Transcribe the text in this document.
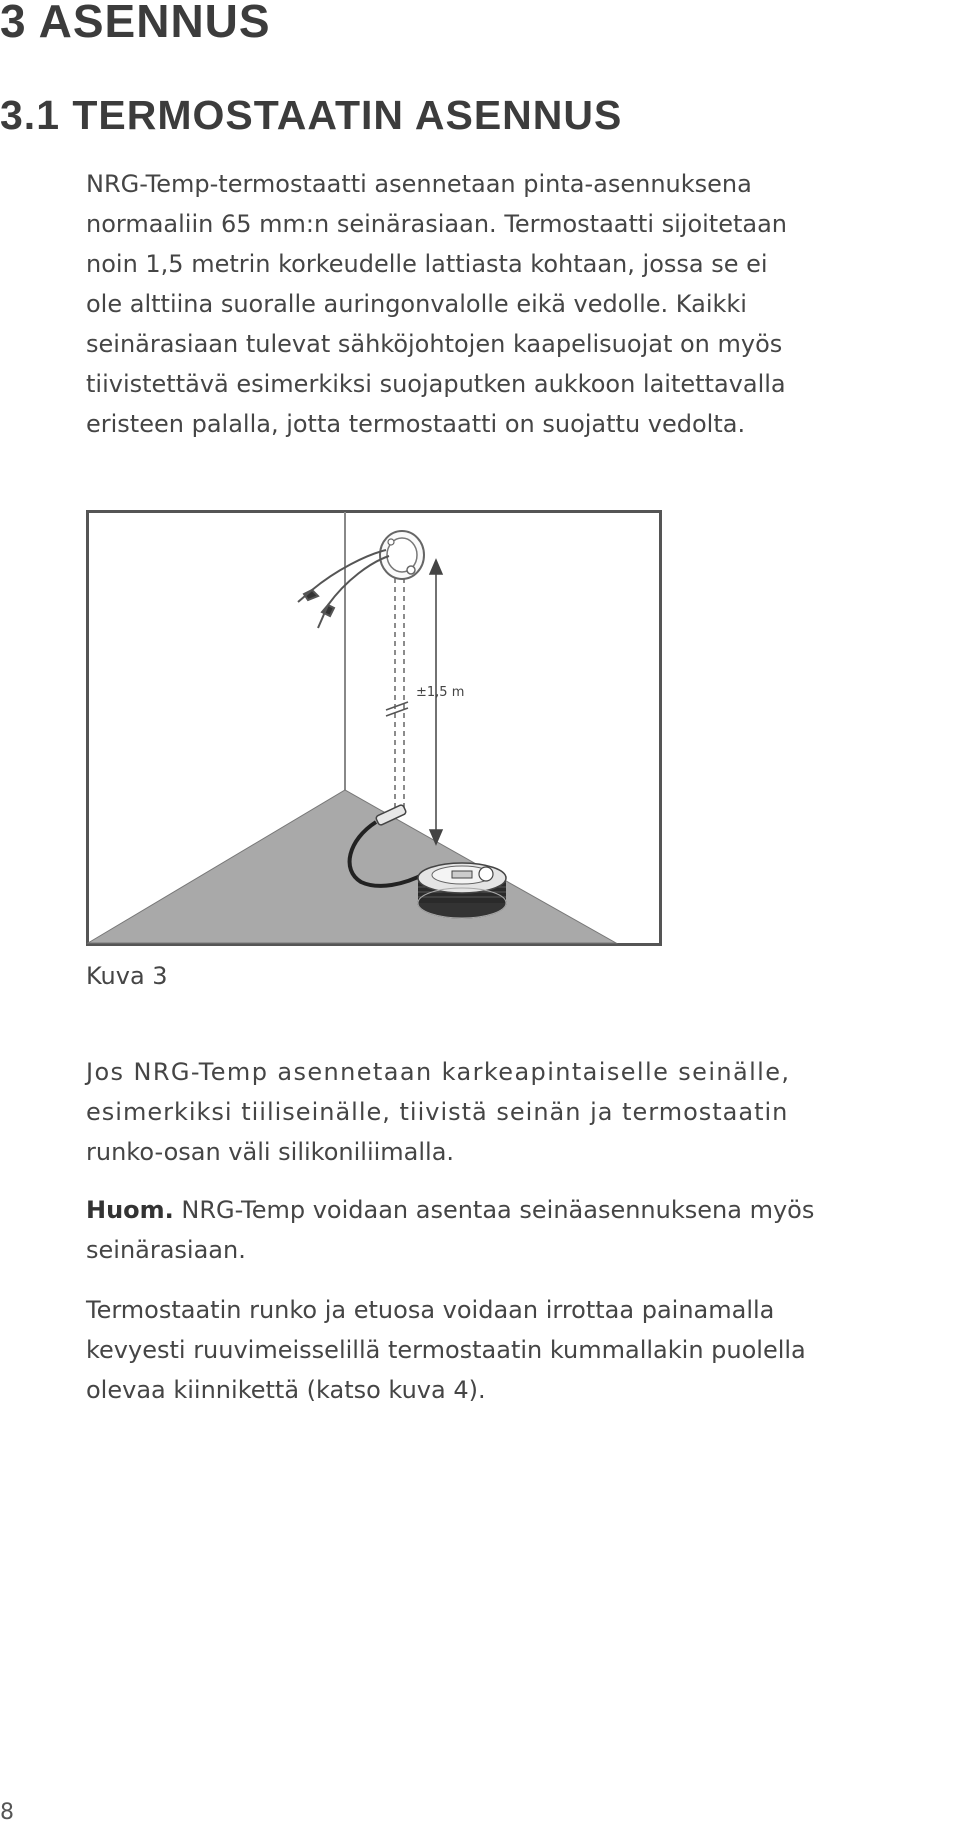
3 ASENNUS
3.1 TERMOSTAATIN ASENNUS

NRG-Temp-termostaatti asennetaan pinta-asennuksena
normaaliin 65 mm:n seinärasiaan. Termostaatti sijoitetaan
noin 1,5 metrin korkeudelle lattiasta kohtaan, jossa se ei
ole alttiina suoralle auringonvalolle eikä vedolle. Kaikki
seinärasiaan tulevat sähköjohtojen kaapelisuojat on myös
tiivistettävä esimerkiksi suojaputken aukkoon laitettavalla
eristeen palalla, jotta termostaatti on suojattu vedolta.

±1,5 m
Kuva 3

Jos NRG-Temp asennetaan karkeapintaiselle seinälle,
esimerkiksi tiiliseinälle, tiivistä seinän ja termostaatin
runko-osan väli silikoniliimalla.

Huom. NRG-Temp voidaan asentaa seinäasennuksena myös
seinärasiaan.

Termostaatin runko ja etuosa voidaan irrottaa painamalla
kevyesti ruuvimeisselillä termostaatin kummallakin puolella
olevaa kiinnikettä (katso kuva 4).

8
